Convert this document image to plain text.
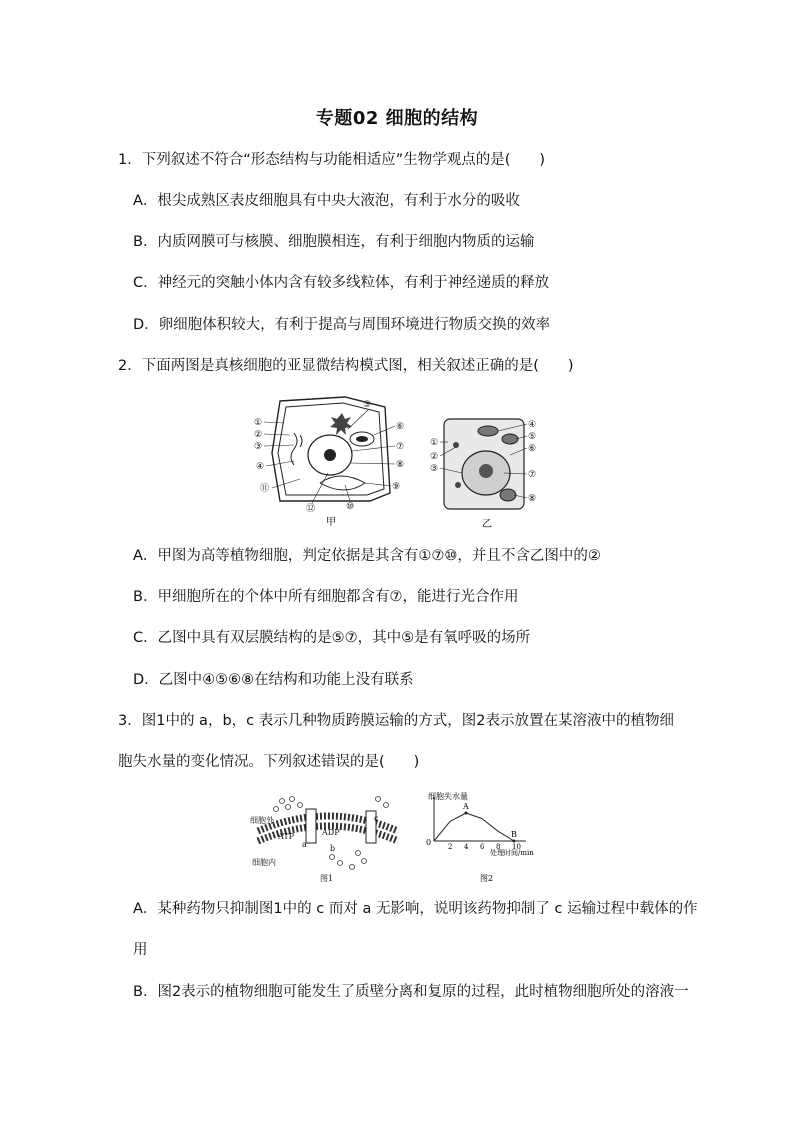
专题02 细胞的结构
1．下列叙述不符合“形态结构与功能相适应”生物学观点的是(　　)
A．根尖成熟区表皮细胞具有中央大液泡，有利于水分的吸收
B．内质网膜可与核膜、细胞膜相连，有利于细胞内物质的运输
C．神经元的突触小体内含有较多线粒体，有利于神经递质的释放
D．卵细胞体积较大，有利于提高与周围环境进行物质交换的效率
2．下面两图是真核细胞的亚显微结构模式图，相关叙述正确的是(　　)
①
②
③
④
⑤
⑥
⑦
⑧
⑨
⑩
⑪
⑫
甲
①
②
③
④
⑤
⑥
⑦
⑧
乙
A．甲图为高等植物细胞，判定依据是其含有①⑦⑩，并且不含乙图中的②
B．甲细胞所在的个体中所有细胞都含有⑦，能进行光合作用
C．乙图中具有双层膜结构的是⑤⑦，其中⑤是有氧呼吸的场所
D．乙图中④⑤⑥⑧在结构和功能上没有联系
3．图1中的 a，b，c 表示几种物质跨膜运输的方式，图2表示放置在某溶液中的植物细
胞失水量的变化情况。下列叙述错误的是(　　)
细胞外
细胞内
ATP	ADP
a	b
c
图1
细胞失水量
0
处理时间/min
图2
2 4 6 8 10
A
B
A．某种药物只抑制图1中的 c 而对 a 无影响，说明该药物抑制了 c 运输过程中载体的作
用
B．图2表示的植物细胞可能发生了质壁分离和复原的过程，此时植物细胞所处的溶液一
